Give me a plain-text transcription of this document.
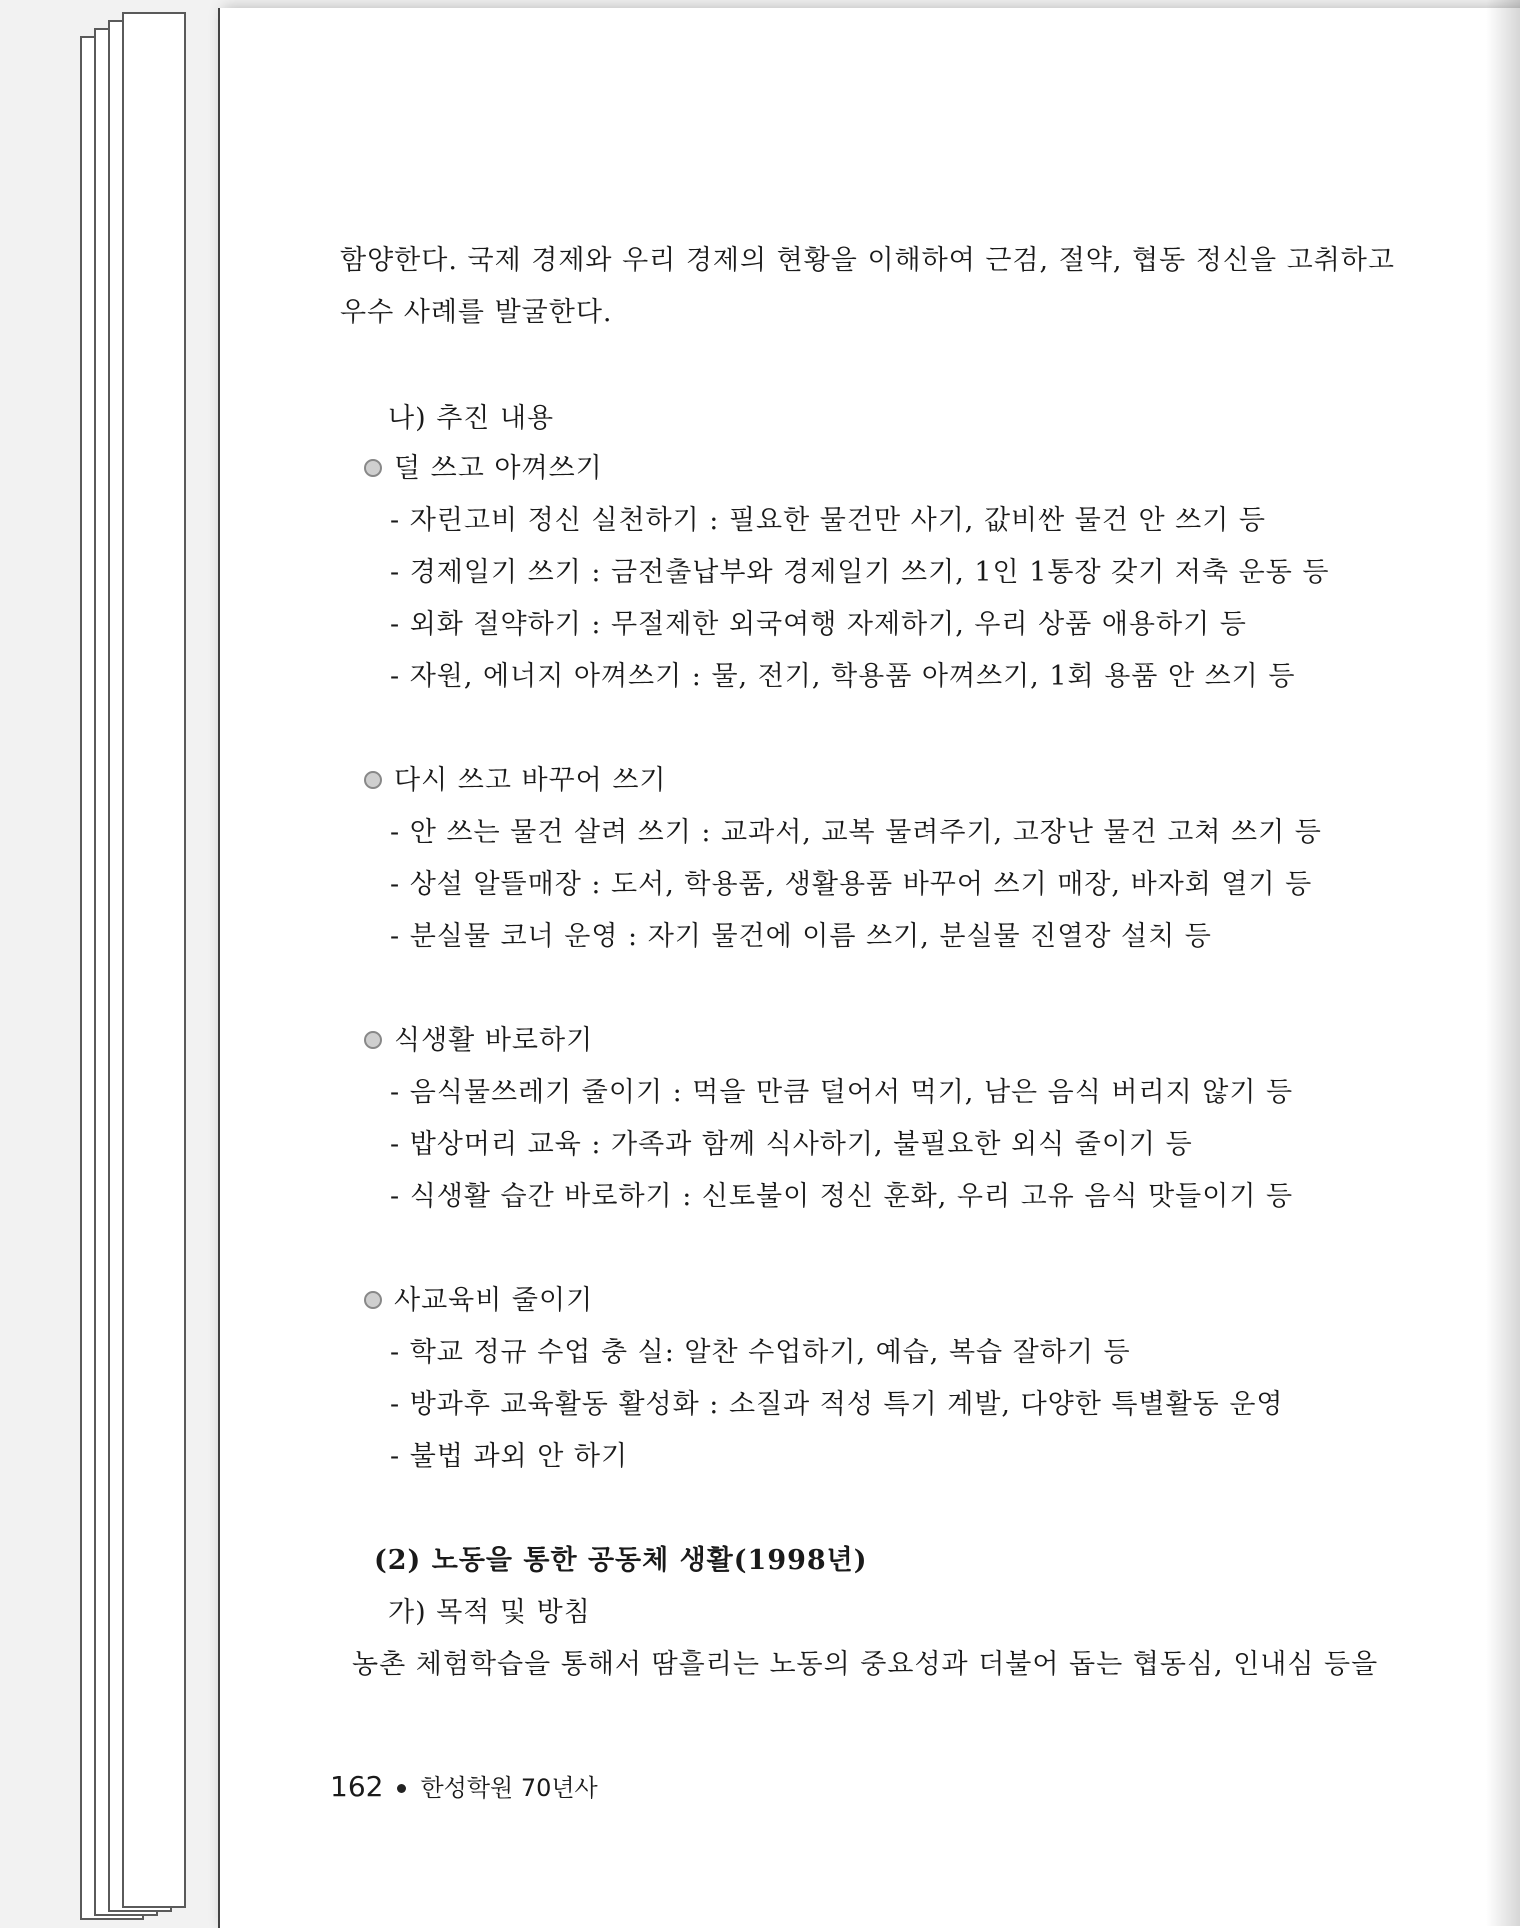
함양한다. 국제 경제와 우리 경제의 현황을 이해하여 근검, 절약, 협동 정신을 고취하고
우수 사례를 발굴한다.
나) 추진 내용
덜 쓰고 아껴쓰기
- 자린고비 정신 실천하기 : 필요한 물건만 사기, 값비싼 물건 안 쓰기 등
- 경제일기 쓰기 : 금전출납부와 경제일기 쓰기, 1인 1통장 갖기 저축 운동 등
- 외화 절약하기 : 무절제한 외국여행 자제하기, 우리 상품 애용하기 등
- 자원, 에너지 아껴쓰기 : 물, 전기, 학용품 아껴쓰기, 1회 용품 안 쓰기 등
다시 쓰고 바꾸어 쓰기
- 안 쓰는 물건 살려 쓰기 : 교과서, 교복 물려주기, 고장난 물건 고쳐 쓰기 등
- 상설 알뜰매장 : 도서, 학용품, 생활용품 바꾸어 쓰기 매장, 바자회 열기 등
- 분실물 코너 운영 : 자기 물건에 이름 쓰기, 분실물 진열장 설치 등
식생활 바로하기
- 음식물쓰레기 줄이기 : 먹을 만큼 덜어서 먹기, 남은 음식 버리지 않기 등
- 밥상머리 교육 : 가족과 함께 식사하기, 불필요한 외식 줄이기 등
- 식생활 습간 바로하기 : 신토불이 정신 훈화, 우리 고유 음식 맛들이기 등
사교육비 줄이기
- 학교 정규 수업 충 실: 알찬 수업하기, 예습, 복습 잘하기 등
- 방과후 교육활동 활성화 : 소질과 적성 특기 계발, 다양한 특별활동 운영
- 불법 과외 안 하기
(2) 노동을 통한 공동체 생활(1998년)
가) 목적 및 방침
농촌 체험학습을 통해서 땀흘리는 노동의 중요성과 더불어 돕는 협동심, 인내심 등을
162 한성학원 70년사
